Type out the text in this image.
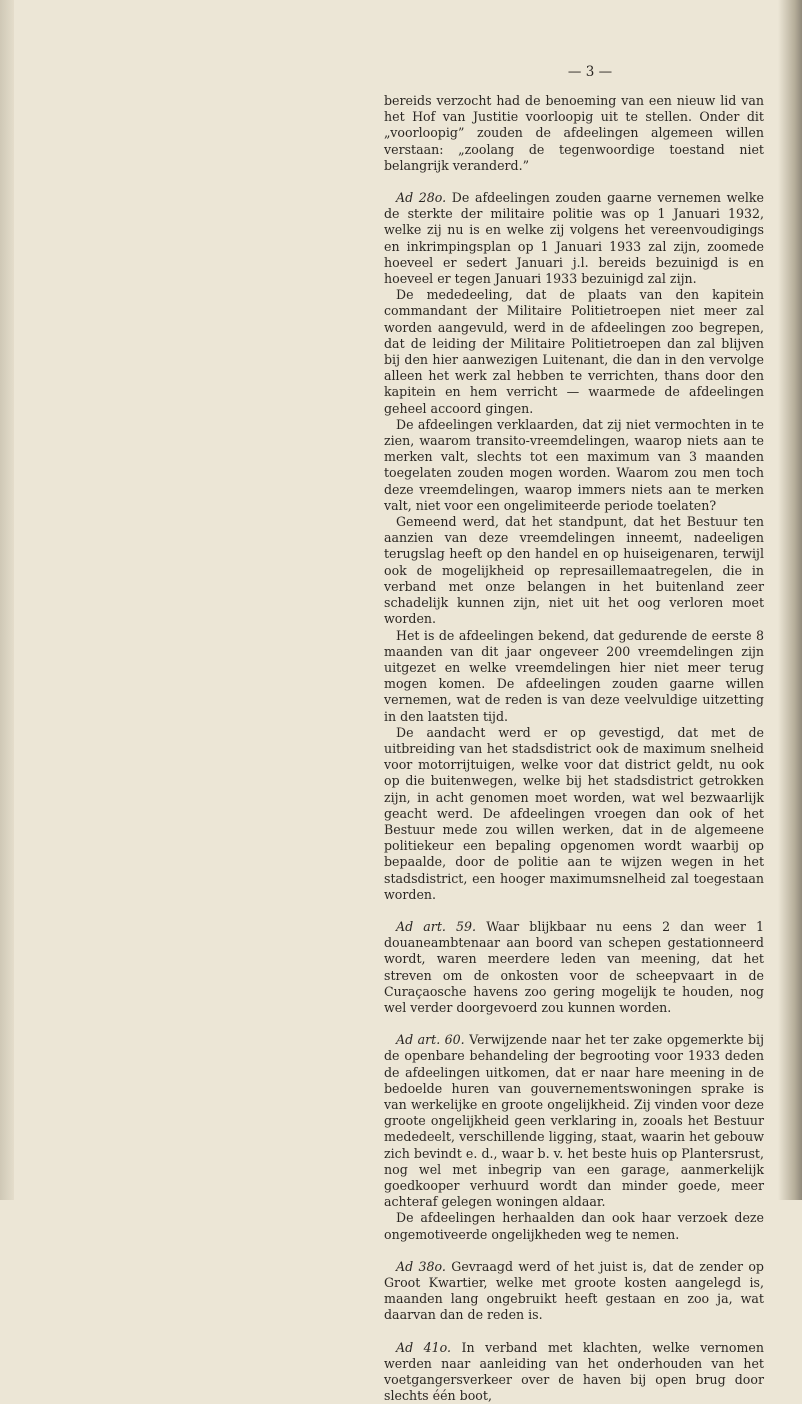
— 3 —

bereids verzocht had de benoeming van een nieuw lid van het Hof van Justitie voorloopig uit te stellen. Onder dit „voorloopig” zouden de afdeelingen algemeen willen verstaan: „zoolang de tegenwoordige toestand niet belangrijk veranderd.”

Ad 28o. De afdeelingen zouden gaarne vernemen welke de sterkte der militaire politie was op 1 Januari 1932, welke zij nu is en welke zij volgens het vereenvoudigings en inkrimpingsplan op 1 Januari 1933 zal zijn, zoomede hoeveel er sedert Januari j.l. bereids bezuinigd is en hoeveel er tegen Januari 1933 bezuinigd zal zijn.

De mededeeling, dat de plaats van den kapitein commandant der Militaire Politietroepen niet meer zal worden aangevuld, werd in de afdeelingen zoo begrepen, dat de leiding der Militaire Politietroepen dan zal blijven bij den hier aanwezigen Luitenant, die dan in den vervolge alleen het werk zal hebben te verrichten, thans door den kapitein en hem verricht — waarmede de afdeelingen geheel accoord gingen.

De afdeelingen verklaarden, dat zij niet vermochten in te zien, waarom transito-vreemdelingen, waarop niets aan te merken valt, slechts tot een maximum van 3 maanden toegelaten zouden mogen worden. Waarom zou men toch deze vreemdelingen, waarop immers niets aan te merken valt, niet voor een ongelimiteerde periode toelaten?

Gemeend werd, dat het standpunt, dat het Bestuur ten aanzien van deze vreemdelingen inneemt, nadeeligen terugslag heeft op den handel en op huiseigenaren, terwijl ook de mogelijkheid op represaillemaatregelen, die in verband met onze belangen in het buitenland zeer schadelijk kunnen zijn, niet uit het oog verloren moet worden.

Het is de afdeelingen bekend, dat gedurende de eerste 8 maanden van dit jaar ongeveer 200 vreemdelingen zijn uitgezet en welke vreemdelingen hier niet meer terug mogen komen. De afdeelingen zouden gaarne willen vernemen, wat de reden is van deze veelvuldige uitzetting in den laatsten tijd.

De aandacht werd er op gevestigd, dat met de uitbreiding van het stadsdistrict ook de maximum snelheid voor motorrijtuigen, welke voor dat district geldt, nu ook op die buitenwegen, welke bij het stadsdistrict getrokken zijn, in acht genomen moet worden, wat wel bezwaarlijk geacht werd. De afdeelingen vroegen dan ook of het Bestuur mede zou willen werken, dat in de algemeene politiekeur een bepaling opgenomen wordt waarbij op bepaalde, door de politie aan te wijzen wegen in het stadsdistrict, een hooger maximumsnelheid zal toegestaan worden.

Ad art. 59. Waar blijkbaar nu eens 2 dan weer 1 douaneambtenaar aan boord van schepen gestationneerd wordt, waren meerdere leden van meening, dat het streven om de onkosten voor de scheepvaart in de Curaçaosche havens zoo gering mogelijk te houden, nog wel verder doorgevoerd zou kunnen worden.

Ad art. 60. Verwijzende naar het ter zake opgemerkte bij de openbare behandeling der begrooting voor 1933 deden de afdeelingen uitkomen, dat er naar hare meening in de bedoelde huren van gouvernementswoningen sprake is van werkelijke en groote ongelijkheid. Zij vinden voor deze groote ongelijkheid geen verklaring in, zooals het Bestuur mededeelt, verschillende ligging, staat, waarin het gebouw zich bevindt e. d., waar b. v. het beste huis op Plantersrust, nog wel met inbegrip van een garage, aanmerkelijk goedkooper verhuurd wordt dan minder goede, meer achteraf gelegen woningen aldaar.

De afdeelingen herhaalden dan ook haar verzoek deze ongemotiveerde ongelijkheden weg te nemen.

Ad 38o. Gevraagd werd of het juist is, dat de zender op Groot Kwartier, welke met groote kosten aangelegd is, maanden lang ongebruikt heeft gestaan en zoo ja, wat daarvan dan de reden is.

Ad 41o. In verband met klachten, welke vernomen werden naar aanleiding van het onderhouden van het voetgangersverkeer over de haven bij open brug door slechts één boot,
